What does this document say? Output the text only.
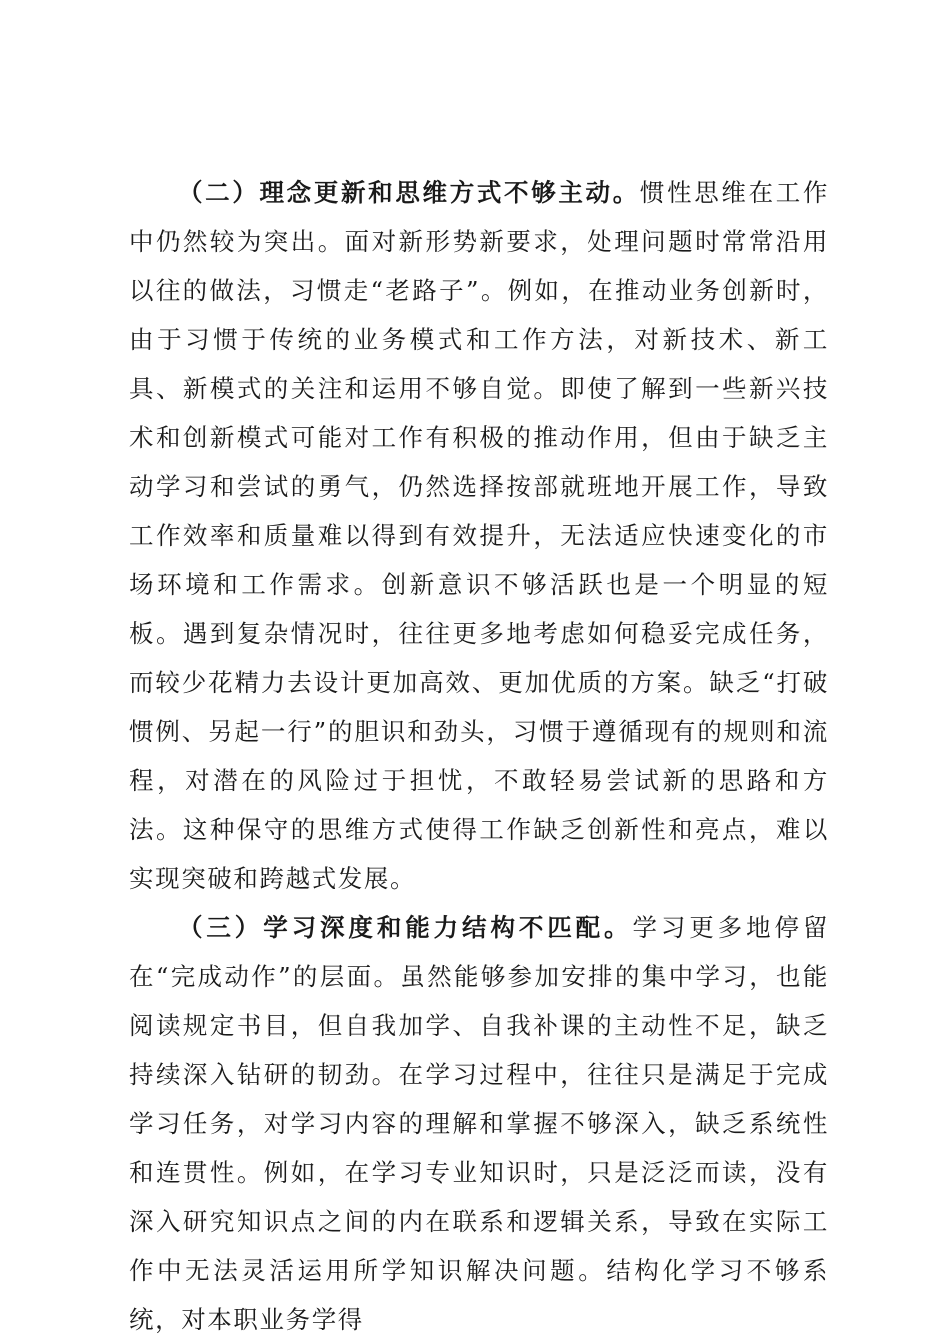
（二）理念更新和思维方式不够主动。惯性思维在工作中仍然较为突出。面对新形势新要求，处理问题时常常沿用以往的做法，习惯走“老路子”。例如，在推动业务创新时，由于习惯于传统的业务模式和工作方法，对新技术、新工具、新模式的关注和运用不够自觉。即使了解到一些新兴技术和创新模式可能对工作有积极的推动作用，但由于缺乏主动学习和尝试的勇气，仍然选择按部就班地开展工作，导致工作效率和质量难以得到有效提升，无法适应快速变化的市场环境和工作需求。创新意识不够活跃也是一个明显的短板。遇到复杂情况时，往往更多地考虑如何稳妥完成任务，而较少花精力去设计更加高效、更加优质的方案。缺乏“打破惯例、另起一行”的胆识和劲头，习惯于遵循现有的规则和流程，对潜在的风险过于担忧，不敢轻易尝试新的思路和方法。这种保守的思维方式使得工作缺乏创新性和亮点，难以实现突破和跨越式发展。

（三）学习深度和能力结构不匹配。学习更多地停留在“完成动作”的层面。虽然能够参加安排的集中学习，也能阅读规定书目，但自我加学、自我补课的主动性不足，缺乏持续深入钻研的韧劲。在学习过程中，往往只是满足于完成学习任务，对学习内容的理解和掌握不够深入，缺乏系统性和连贯性。例如，在学习专业知识时，只是泛泛而读，没有深入研究知识点之间的内在联系和逻辑关系，导致在实际工作中无法灵活运用所学知识解决问题。结构化学习不够系统，对本职业务学得
